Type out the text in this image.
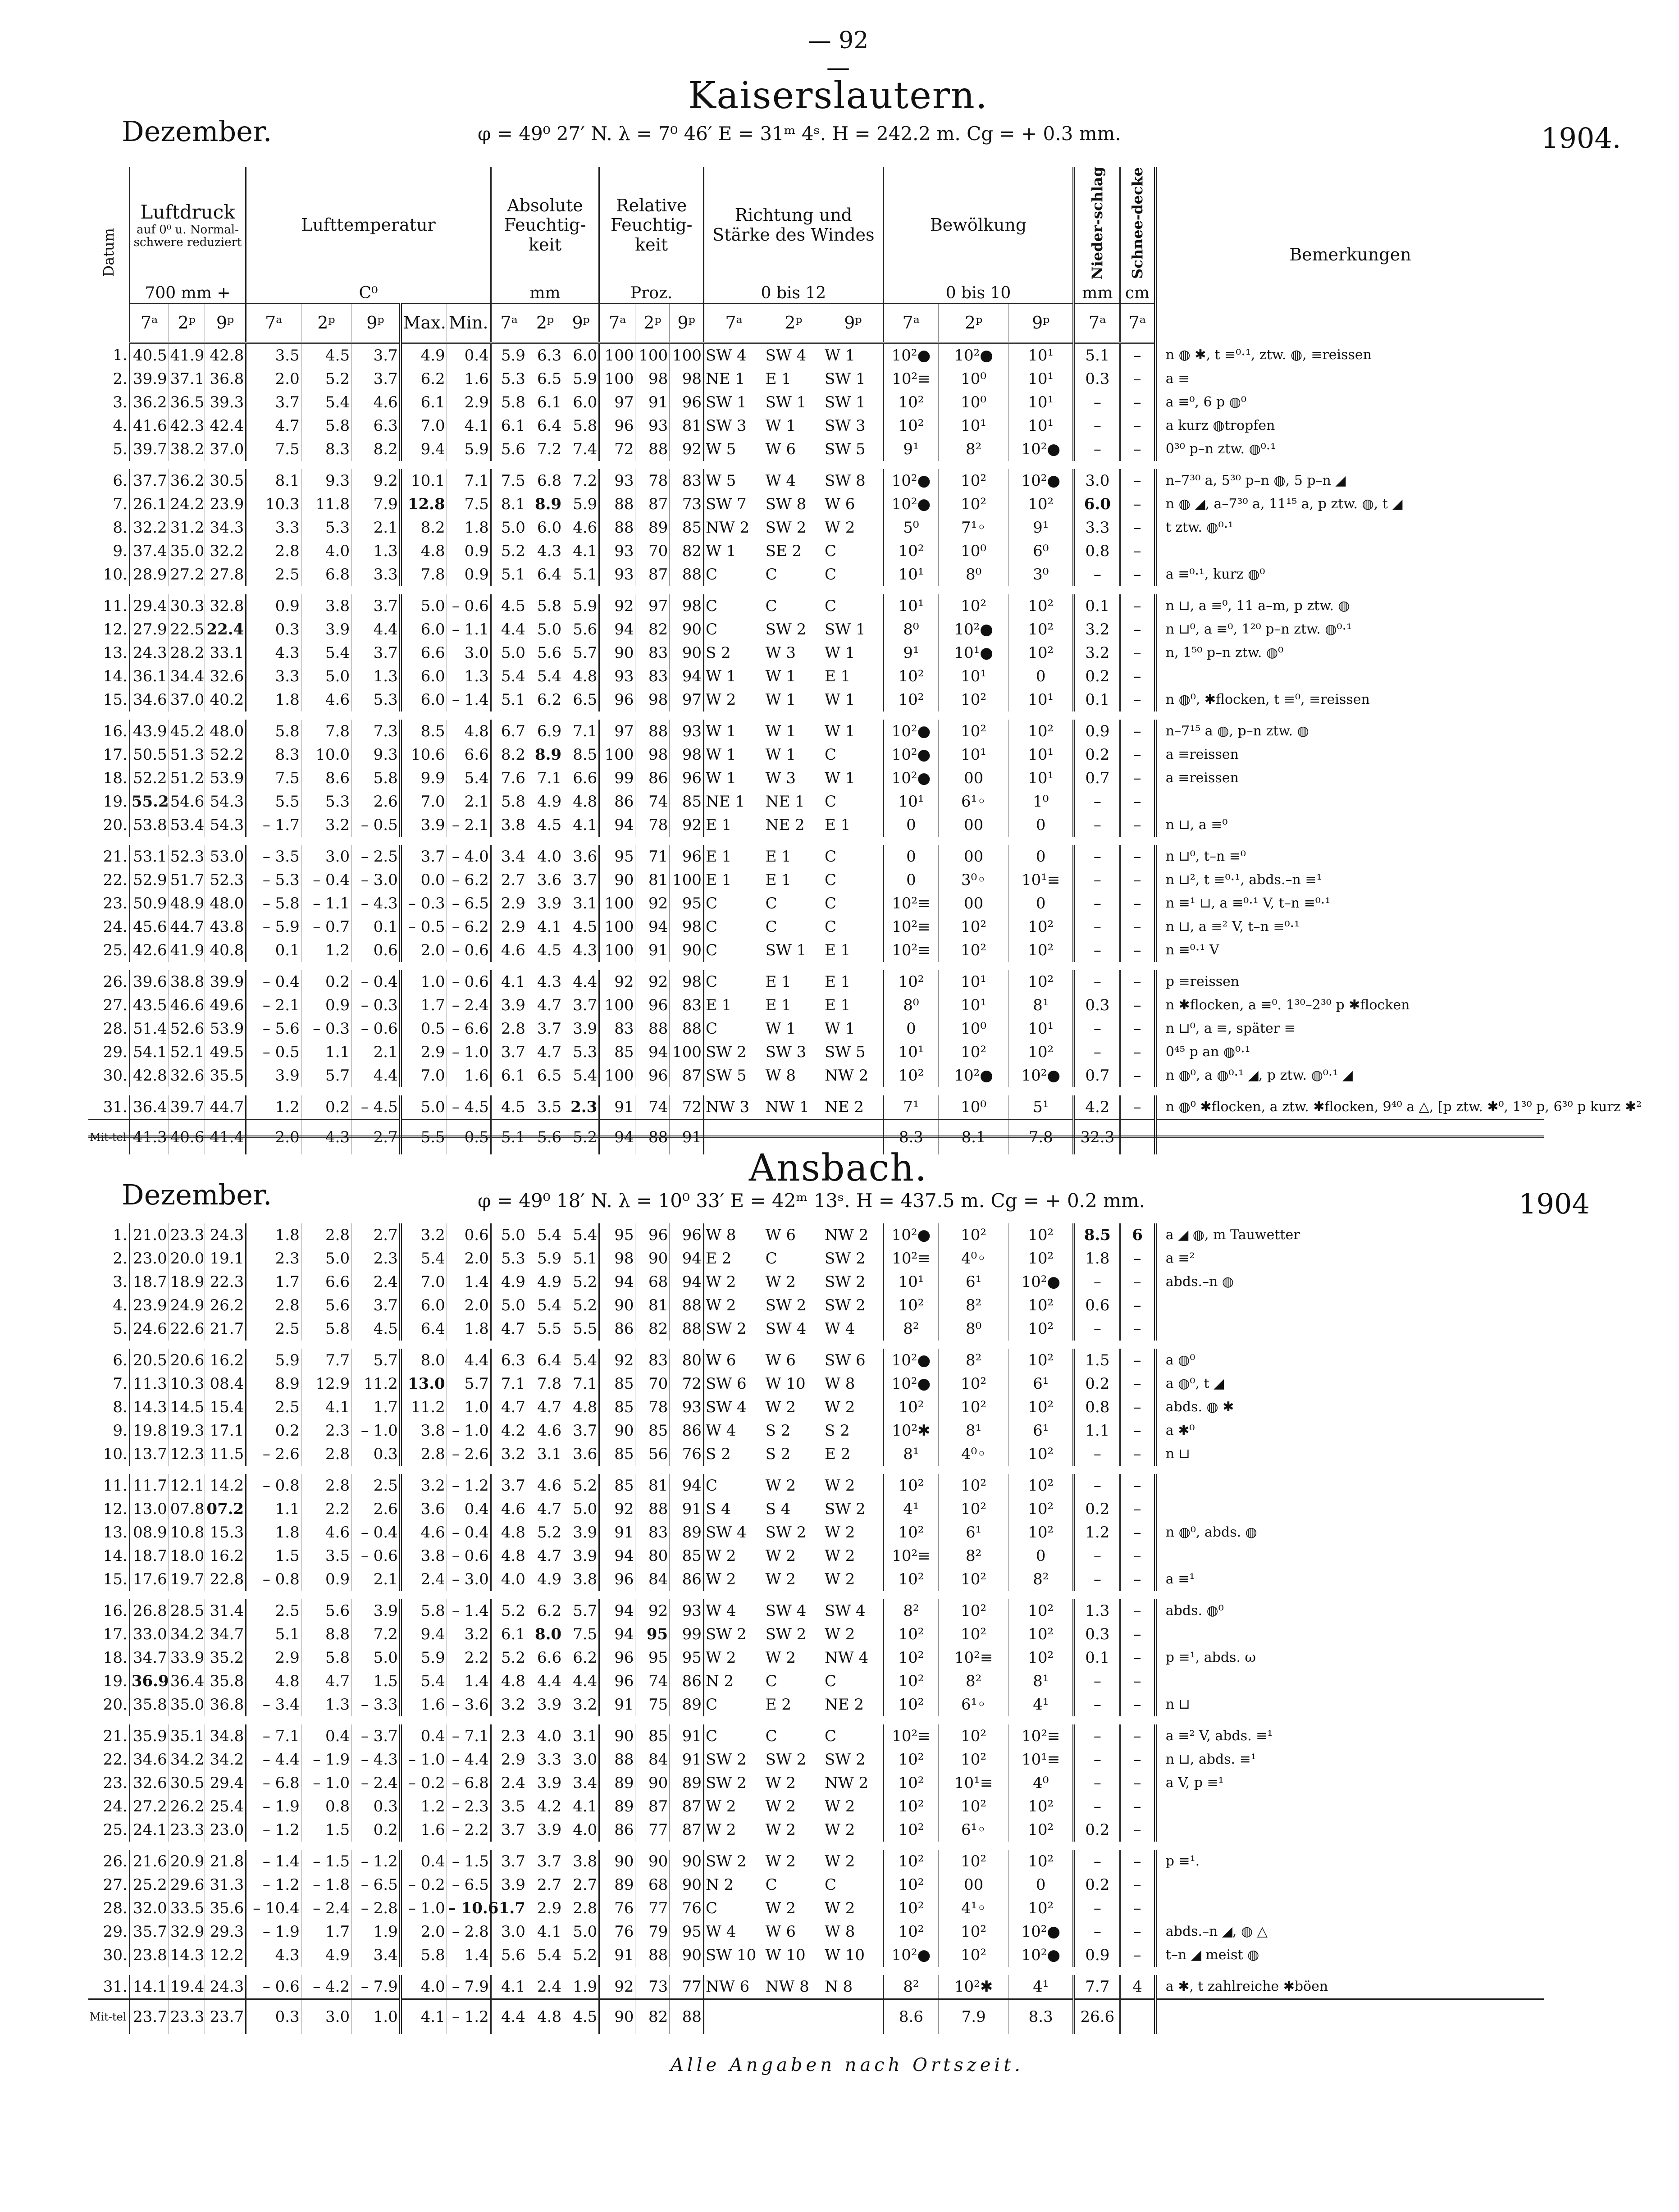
— 92 —
Kaiserslautern.
Dezember.	φ = 49⁰ 27′ N. λ = 7⁰ 46′ E = 31ᵐ 4ˢ. H = 242.2 m. Cg = + 0.3 mm.	1904.
Datum	Luftdruck
auf 0⁰ u. Normal-schwere reduziert			Lufttemperatur					Absolute Feuchtig-keit			Relative Feuchtig-keit			Richtung und Stärke des Windes			Bewölkung			Nieder-schlag	Schnee-decke	Bemerkungen
	700 mm +			C⁰					mm			Proz.			0 bis 12			0 bis 10			mm	cm	
	7ᵃ	2ᵖ	9ᵖ	7ᵃ	2ᵖ	9ᵖ	Max.	Min.	7ᵃ	2ᵖ	9ᵖ	7ᵃ	2ᵖ	9ᵖ	7ᵃ	2ᵖ	9ᵖ	7ᵃ	2ᵖ	9ᵖ	7ᵃ	7ᵃ	
1.	40.5	41.9	42.8	3.5	4.5	3.7	4.9	0.4	5.9	6.3	6.0	100	100	100	SW 4	SW 4	W 1	10²●	10²●	10¹	5.1	–	n ◍ ✱, t ≡⁰·¹, ztw. ◍, ≡reissen
2.	39.9	37.1	36.8	2.0	5.2	3.7	6.2	1.6	5.3	6.5	5.9	100	98	98	NE 1	E 1	SW 1	10²≡	10⁰	10¹	0.3	–	a ≡
3.	36.2	36.5	39.3	3.7	5.4	4.6	6.1	2.9	5.8	6.1	6.0	97	91	96	SW 1	SW 1	SW 1	10²	10⁰	10¹	–	–	a ≡⁰, 6 p ◍⁰
4.	41.6	42.3	42.4	4.7	5.8	6.3	7.0	4.1	6.1	6.4	5.8	96	93	81	SW 3	W 1	SW 3	10²	10¹	10¹	–	–	a kurz ◍tropfen
5.	39.7	38.2	37.0	7.5	8.3	8.2	9.4	5.9	5.6	7.2	7.4	72	88	92	W 5	W 6	SW 5	9¹	8²	10²●	–	–	0³⁰ p–n ztw. ◍⁰·¹
6.	37.7	36.2	30.5	8.1	9.3	9.2	10.1	7.1	7.5	6.8	7.2	93	78	83	W 5	W 4	SW 8	10²●	10²	10²●	3.0	–	n–7³⁰ a, 5³⁰ p–n ◍, 5 p–n ◢
7.	26.1	24.2	23.9	10.3	11.8	7.9	12.8	7.5	8.1	8.9	5.9	88	87	73	SW 7	SW 8	W 6	10²●	10²	10²	6.0	–	n ◍ ◢, a–7³⁰ a, 11¹⁵ a, p ztw. ◍, t ◢
8.	32.2	31.2	34.3	3.3	5.3	2.1	8.2	1.8	5.0	6.0	4.6	88	89	85	NW 2	SW 2	W 2	5⁰	7¹◦	9¹	3.3	–	t ztw. ◍⁰·¹
9.	37.4	35.0	32.2	2.8	4.0	1.3	4.8	0.9	5.2	4.3	4.1	93	70	82	W 1	SE 2	C	10²	10⁰	6⁰	0.8	–	
10.	28.9	27.2	27.8	2.5	6.8	3.3	7.8	0.9	5.1	6.4	5.1	93	87	88	C	C	C	10¹	8⁰	3⁰	–	–	a ≡⁰·¹, kurz ◍⁰
11.	29.4	30.3	32.8	0.9	3.8	3.7	5.0	– 0.6	4.5	5.8	5.9	92	97	98	C	C	C	10¹	10²	10²	0.1	–	n ⊔, a ≡⁰, 11 a–m, p ztw. ◍
12.	27.9	22.5	22.4	0.3	3.9	4.4	6.0	– 1.1	4.4	5.0	5.6	94	82	90	C	SW 2	SW 1	8⁰	10²●	10²	3.2	–	n ⊔⁰, a ≡⁰, 1²⁰ p–n ztw. ◍⁰·¹
13.	24.3	28.2	33.1	4.3	5.4	3.7	6.6	3.0	5.0	5.6	5.7	90	83	90	S 2	W 3	W 1	9¹	10¹●	10²	3.2	–	n, 1⁵⁰ p–n ztw. ◍⁰
14.	36.1	34.4	32.6	3.3	5.0	1.3	6.0	1.3	5.4	5.4	4.8	93	83	94	W 1	W 1	E 1	10²	10¹	0	0.2	–	
15.	34.6	37.0	40.2	1.8	4.6	5.3	6.0	– 1.4	5.1	6.2	6.5	96	98	97	W 2	W 1	W 1	10²	10²	10¹	0.1	–	n ◍⁰, ✱flocken, t ≡⁰, ≡reissen
16.	43.9	45.2	48.0	5.8	7.8	7.3	8.5	4.8	6.7	6.9	7.1	97	88	93	W 1	W 1	W 1	10²●	10²	10²	0.9	–	n–7¹⁵ a ◍, p–n ztw. ◍
17.	50.5	51.3	52.2	8.3	10.0	9.3	10.6	6.6	8.2	8.9	8.5	100	98	98	W 1	W 1	C	10²●	10¹	10¹	0.2	–	a ≡reissen
18.	52.2	51.2	53.9	7.5	8.6	5.8	9.9	5.4	7.6	7.1	6.6	99	86	96	W 1	W 3	W 1	10²●	00	10¹	0.7	–	a ≡reissen
19.	55.2	54.6	54.3	5.5	5.3	2.6	7.0	2.1	5.8	4.9	4.8	86	74	85	NE 1	NE 1	C	10¹	6¹◦	1⁰	–	–	
20.	53.8	53.4	54.3	– 1.7	3.2	– 0.5	3.9	– 2.1	3.8	4.5	4.1	94	78	92	E 1	NE 2	E 1	0	00	0	–	–	n ⊔, a ≡⁰
21.	53.1	52.3	53.0	– 3.5	3.0	– 2.5	3.7	– 4.0	3.4	4.0	3.6	95	71	96	E 1	E 1	C	0	00	0	–	–	n ⊔⁰, t–n ≡⁰
22.	52.9	51.7	52.3	– 5.3	– 0.4	– 3.0	0.0	– 6.2	2.7	3.6	3.7	90	81	100	E 1	E 1	C	0	3⁰◦	10¹≡	–	–	n ⊔², t ≡⁰·¹, abds.–n ≡¹
23.	50.9	48.9	48.0	– 5.8	– 1.1	– 4.3	– 0.3	– 6.5	2.9	3.9	3.1	100	92	95	C	C	C	10²≡	00	0	–	–	n ≡¹ ⊔, a ≡⁰·¹ V, t–n ≡⁰·¹
24.	45.6	44.7	43.8	– 5.9	– 0.7	0.1	– 0.5	– 6.2	2.9	4.1	4.5	100	94	98	C	C	C	10²≡	10²	10²	–	–	n ⊔, a ≡² V, t–n ≡⁰·¹
25.	42.6	41.9	40.8	0.1	1.2	0.6	2.0	– 0.6	4.6	4.5	4.3	100	91	90	C	SW 1	E 1	10²≡	10²	10²	–	–	n ≡⁰·¹ V
26.	39.6	38.8	39.9	– 0.4	0.2	– 0.4	1.0	– 0.6	4.1	4.3	4.4	92	92	98	C	E 1	E 1	10²	10¹	10²	–	–	p ≡reissen
27.	43.5	46.6	49.6	– 2.1	0.9	– 0.3	1.7	– 2.4	3.9	4.7	3.7	100	96	83	E 1	E 1	E 1	8⁰	10¹	8¹	0.3	–	n ✱flocken, a ≡⁰. 1³⁰–2³⁰ p ✱flocken
28.	51.4	52.6	53.9	– 5.6	– 0.3	– 0.6	0.5	– 6.6	2.8	3.7	3.9	83	88	88	C	W 1	W 1	0	10⁰	10¹	–	–	n ⊔⁰, a ≡, später ≡
29.	54.1	52.1	49.5	– 0.5	1.1	2.1	2.9	– 1.0	3.7	4.7	5.3	85	94	100	SW 2	SW 3	SW 5	10¹	10²	10²	–	–	0⁴⁵ p an ◍⁰·¹
30.	42.8	32.6	35.5	3.9	5.7	4.4	7.0	1.6	6.1	6.5	5.4	100	96	87	SW 5	W 8	NW 2	10²	10²●	10²●	0.7	–	n ◍⁰, a ◍⁰·¹ ◢, p ztw. ◍⁰·¹ ◢
31.	36.4	39.7	44.7	1.2	0.2	– 4.5	5.0	– 4.5	4.5	3.5	2.3	91	74	72	NW 3	NW 1	NE 2	7¹	10⁰	5¹	4.2	–	n ◍⁰ ✱flocken, a ztw. ✱flocken, 9⁴⁰ a △, [p ztw. ✱⁰, 1³⁰ p, 6³⁰ p kurz ✱²
Mit-tel	41.3	40.6	41.4	2.0	4.3	2.7	5.5	0.5	5.1	5.6	5.2	94	88	91				8.3	8.1	7.8	32.3		
Ansbach.
Dezember.	φ = 49⁰ 18′ N. λ = 10⁰ 33′ E = 42ᵐ 13ˢ. H = 437.5 m. Cg = + 0.2 mm.	1904
1.	21.0	23.3	24.3	1.8	2.8	2.7	3.2	0.6	5.0	5.4	5.4	95	96	96	W 8	W 6	NW 2	10²●	10²	10²	8.5	6	a ◢ ◍, m Tauwetter
2.	23.0	20.0	19.1	2.3	5.0	2.3	5.4	2.0	5.3	5.9	5.1	98	90	94	E 2	C	SW 2	10²≡	4⁰◦	10²	1.8	–	a ≡²
3.	18.7	18.9	22.3	1.7	6.6	2.4	7.0	1.4	4.9	4.9	5.2	94	68	94	W 2	W 2	SW 2	10¹	6¹	10²●	–	–	abds.–n ◍
4.	23.9	24.9	26.2	2.8	5.6	3.7	6.0	2.0	5.0	5.4	5.2	90	81	88	W 2	SW 2	SW 2	10²	8²	10²	0.6	–	
5.	24.6	22.6	21.7	2.5	5.8	4.5	6.4	1.8	4.7	5.5	5.5	86	82	88	SW 2	SW 4	W 4	8²	8⁰	10²	–	–	
6.	20.5	20.6	16.2	5.9	7.7	5.7	8.0	4.4	6.3	6.4	5.4	92	83	80	W 6	W 6	SW 6	10²●	8²	10²	1.5	–	a ◍⁰
7.	11.3	10.3	08.4	8.9	12.9	11.2	13.0	5.7	7.1	7.8	7.1	85	70	72	SW 6	W 10	W 8	10²●	10²	6¹	0.2	–	a ◍⁰, t ◢
8.	14.3	14.5	15.4	2.5	4.1	1.7	11.2	1.0	4.7	4.7	4.8	85	78	93	SW 4	W 2	W 2	10²	10²	10²	0.8	–	abds. ◍ ✱
9.	19.8	19.3	17.1	0.2	2.3	– 1.0	3.8	– 1.0	4.2	4.6	3.7	90	85	86	W 4	S 2	S 2	10²✱	8¹	6¹	1.1	–	a ✱⁰
10.	13.7	12.3	11.5	– 2.6	2.8	0.3	2.8	– 2.6	3.2	3.1	3.6	85	56	76	S 2	S 2	E 2	8¹	4⁰◦	10²	–	–	n ⊔
11.	11.7	12.1	14.2	– 0.8	2.8	2.5	3.2	– 1.2	3.7	4.6	5.2	85	81	94	C	W 2	W 2	10²	10²	10²	–	–	
12.	13.0	07.8	07.2	1.1	2.2	2.6	3.6	0.4	4.6	4.7	5.0	92	88	91	S 4	S 4	SW 2	4¹	10²	10²	0.2	–	
13.	08.9	10.8	15.3	1.8	4.6	– 0.4	4.6	– 0.4	4.8	5.2	3.9	91	83	89	SW 4	SW 2	W 2	10²	6¹	10²	1.2	–	n ◍⁰, abds. ◍
14.	18.7	18.0	16.2	1.5	3.5	– 0.6	3.8	– 0.6	4.8	4.7	3.9	94	80	85	W 2	W 2	W 2	10²≡	8²	0	–	–	
15.	17.6	19.7	22.8	– 0.8	0.9	2.1	2.4	– 3.0	4.0	4.9	3.8	96	84	86	W 2	W 2	W 2	10²	10²	8²	–	–	a ≡¹
16.	26.8	28.5	31.4	2.5	5.6	3.9	5.8	– 1.4	5.2	6.2	5.7	94	92	93	W 4	SW 4	SW 4	8²	10²	10²	1.3	–	abds. ◍⁰
17.	33.0	34.2	34.7	5.1	8.8	7.2	9.4	3.2	6.1	8.0	7.5	94	95	99	SW 2	SW 2	W 2	10²	10²	10²	0.3	–	
18.	34.7	33.9	35.2	2.9	5.8	5.0	5.9	2.2	5.2	6.6	6.2	96	95	95	W 2	W 2	NW 4	10²	10²≡	10²	0.1	–	p ≡¹, abds. ω
19.	36.9	36.4	35.8	4.8	4.7	1.5	5.4	1.4	4.8	4.4	4.4	96	74	86	N 2	C	C	10²	8²	8¹	–	–	
20.	35.8	35.0	36.8	– 3.4	1.3	– 3.3	1.6	– 3.6	3.2	3.9	3.2	91	75	89	C	E 2	NE 2	10²	6¹◦	4¹	–	–	n ⊔
21.	35.9	35.1	34.8	– 7.1	0.4	– 3.7	0.4	– 7.1	2.3	4.0	3.1	90	85	91	C	C	C	10²≡	10²	10²≡	–	–	a ≡² V, abds. ≡¹
22.	34.6	34.2	34.2	– 4.4	– 1.9	– 4.3	– 1.0	– 4.4	2.9	3.3	3.0	88	84	91	SW 2	SW 2	SW 2	10²	10²	10¹≡	–	–	n ⊔, abds. ≡¹
23.	32.6	30.5	29.4	– 6.8	– 1.0	– 2.4	– 0.2	– 6.8	2.4	3.9	3.4	89	90	89	SW 2	W 2	NW 2	10²	10¹≡	4⁰	–	–	a V, p ≡¹
24.	27.2	26.2	25.4	– 1.9	0.8	0.3	1.2	– 2.3	3.5	4.2	4.1	89	87	87	W 2	W 2	W 2	10²	10²	10²	–	–	
25.	24.1	23.3	23.0	– 1.2	1.5	0.2	1.6	– 2.2	3.7	3.9	4.0	86	77	87	W 2	W 2	W 2	10²	6¹◦	10²	0.2	–	
26.	21.6	20.9	21.8	– 1.4	– 1.5	– 1.2	0.4	– 1.5	3.7	3.7	3.8	90	90	90	SW 2	W 2	W 2	10²	10²	10²	–	–	p ≡¹.
27.	25.2	29.6	31.3	– 1.2	– 1.8	– 6.5	– 0.2	– 6.5	3.9	2.7	2.7	89	68	90	N 2	C	C	10²	00	0	0.2	–	
28.	32.0	33.5	35.6	– 10.4	– 2.4	– 2.8	– 1.0	– 10.6	1.7	2.9	2.8	76	77	76	C	W 2	W 2	10²	4¹◦	10²	–	–	
29.	35.7	32.9	29.3	– 1.9	1.7	1.9	2.0	– 2.8	3.0	4.1	5.0	76	79	95	W 4	W 6	W 8	10²	10²	10²●	–	–	abds.–n ◢, ◍ △
30.	23.8	14.3	12.2	4.3	4.9	3.4	5.8	1.4	5.6	5.4	5.2	91	88	90	SW 10	W 10	W 10	10²●	10²	10²●	0.9	–	t–n ◢ meist ◍
31.	14.1	19.4	24.3	– 0.6	– 4.2	– 7.9	4.0	– 7.9	4.1	2.4	1.9	92	73	77	NW 6	NW 8	N 8	8²	10²✱	4¹	7.7	4	a ✱, t zahlreiche ✱böen
Mit-tel	23.7	23.3	23.7	0.3	3.0	1.0	4.1	– 1.2	4.4	4.8	4.5	90	82	88				8.6	7.9	8.3	26.6		
Alle Angaben nach Ortszeit.
